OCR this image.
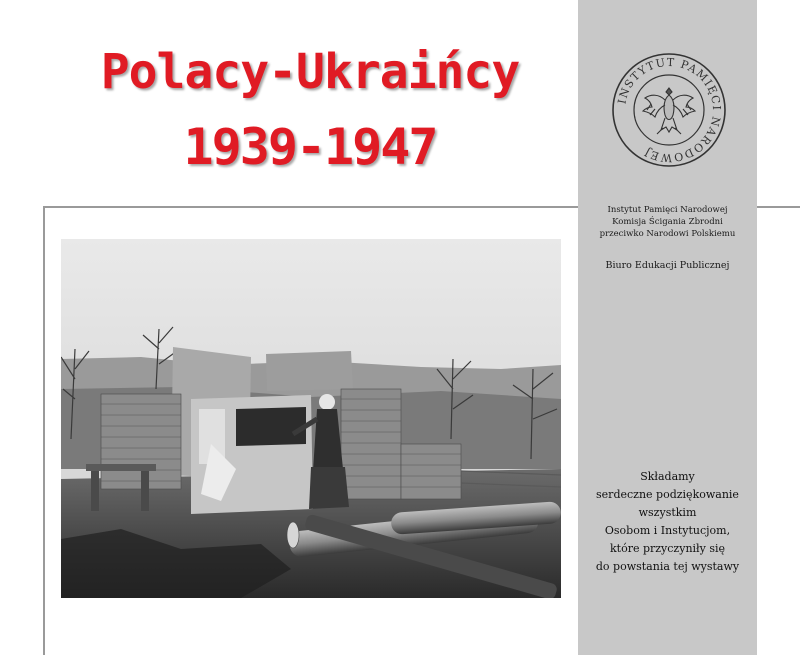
Polacy-Ukraińcy
1939-1947
INSTYTUT PAMIĘCI NARODOWEJ
Instytut Pamięci Narodowej
Komisja Ścigania Zbrodni
przeciwko Narodowi Polskiemu
Biuro Edukacji Publicznej
Składamy
serdeczne podziękowanie
wszystkim
Osobom i Instytucjom,
które przyczyniły się
do powstania tej wystawy
